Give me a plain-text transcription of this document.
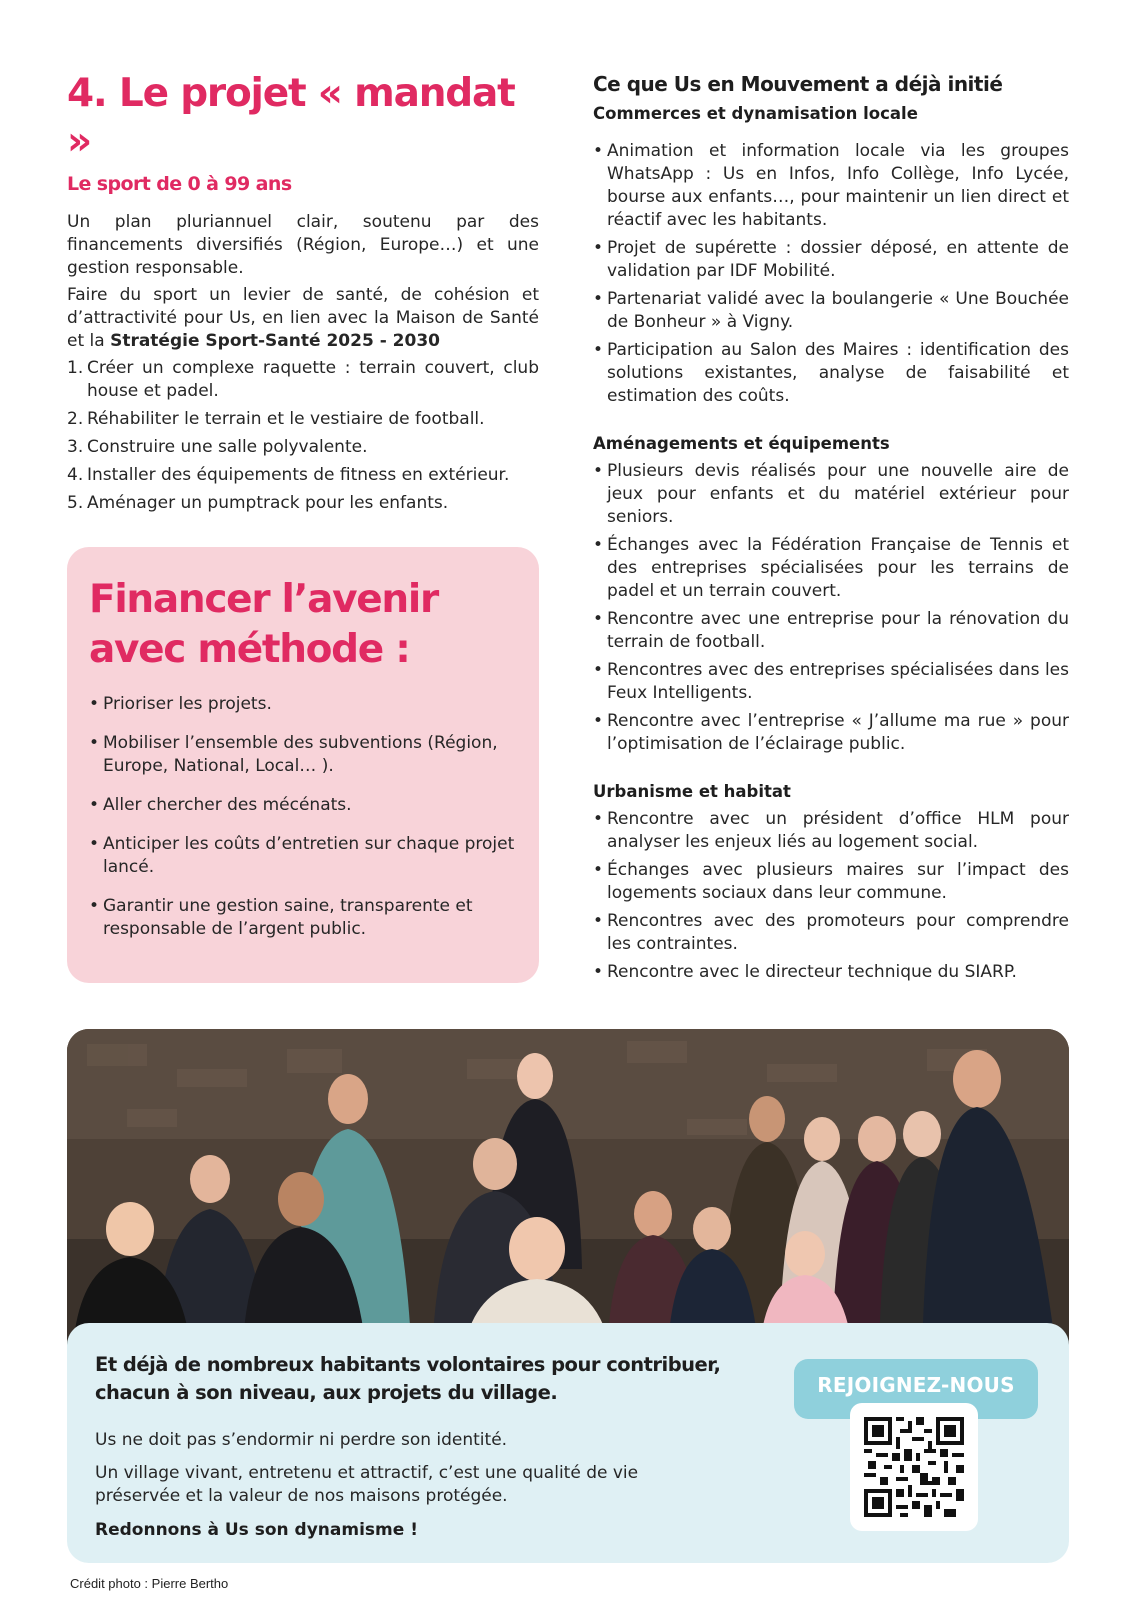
4. Le projet « mandat »
Le sport de 0 à 99 ans

Un plan pluriannuel clair, soutenu par des financements diversifiés (Région, Europe…) et une gestion responsable.

Faire du sport un levier de santé, de cohésion et d’attractivité pour Us, en lien avec la Maison de Santé et la Stratégie Sport-Santé 2025 - 2030

1. Créer un complexe raquette : terrain couvert, club house et padel.
2. Réhabiliter le terrain et le vestiaire de football.
3. Construire une salle polyvalente.
4. Installer des équipements de fitness en extérieur.
5. Aménager un pumptrack pour les enfants.
Financer l’avenir
avec méthode :
• Prioriser les projets.
• Mobiliser l’ensemble des subventions (Région, Europe, National, Local… ).
• Aller chercher des mécénats.
• Anticiper les coûts d’entretien sur chaque projet lancé.
• Garantir une gestion saine, transparente et responsable de l’argent public.
Ce que Us en Mouvement a déjà initié
Commerces et dynamisation locale
• Animation et information locale via les groupes WhatsApp : Us en Infos, Info Collège, Info Lycée, bourse aux enfants…, pour maintenir un lien direct et réactif avec les habitants.
• Projet de supérette : dossier déposé, en attente de validation par IDF Mobilité.
• Partenariat validé avec la boulangerie « Une Bouchée de Bonheur » à Vigny.
• Participation au Salon des Maires : identification des solutions existantes, analyse de faisabilité et estimation des coûts.
Aménagements et équipements
• Plusieurs devis réalisés pour une nouvelle aire de jeux pour enfants et du matériel extérieur pour seniors.
• Échanges avec la Fédération Française de Tennis et des entreprises spécialisées pour les terrains de padel et un terrain couvert.
• Rencontre avec une entreprise pour la rénovation du terrain de football.
• Rencontres avec des entreprises spécialisées dans les Feux Intelligents.
• Rencontre avec l’entreprise « J’allume ma rue » pour l’optimisation de l’éclairage public.
Urbanisme et habitat
• Rencontre avec un président d’office HLM pour analyser les enjeux liés au logement social.
• Échanges avec plusieurs maires sur l’impact des logements sociaux dans leur commune.
• Rencontres avec des promoteurs pour comprendre les contraintes.
• Rencontre avec le directeur technique du SIARP.
Et déjà de nombreux habitants volontaires pour contribuer, chacun à son niveau, aux projets du village.

Us ne doit pas s’endormir ni perdre son identité.

Un village vivant, entretenu et attractif, c’est une qualité de vie préservée et la valeur de nos maisons protégée.

Redonnons à Us son dynamisme !

REJOIGNEZ-NOUS
Crédit photo : Pierre Bertho
